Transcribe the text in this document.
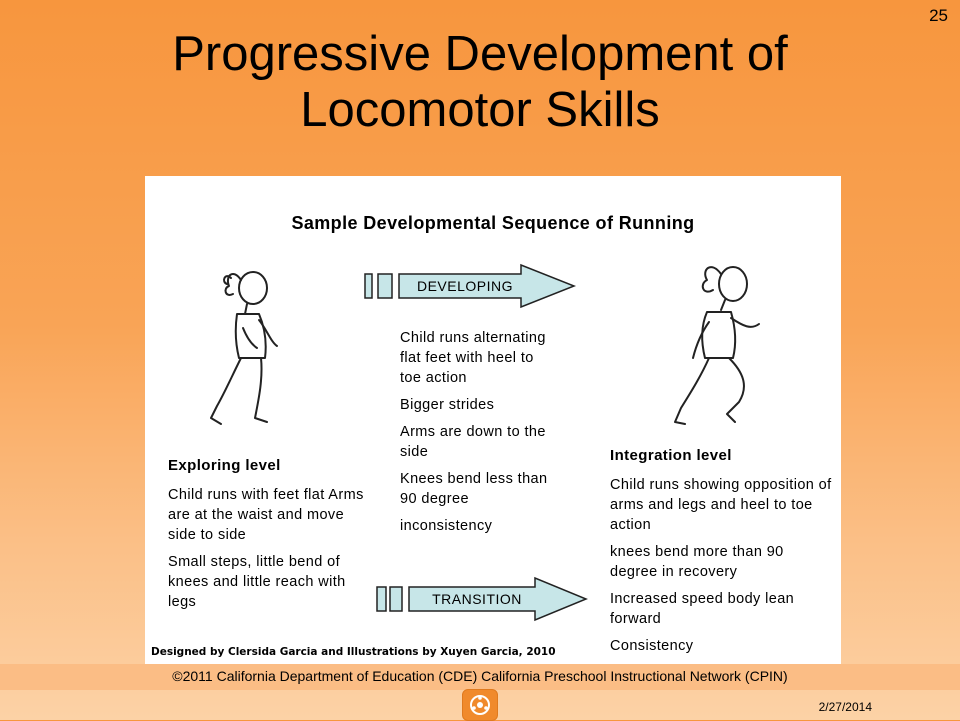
25
Progressive Development of
Locomotor Skills
Sample Developmental Sequence of Running
DEVELOPING

Exploring level

Child runs with feet flat Arms are at the waist and move side to side

Small steps, little bend of knees and little reach with legs

Child runs alternating flat feet with heel to toe action

Bigger strides

Arms are down to the side

Knees bend less than 90 degree

inconsistency

Integration level

Child runs showing opposition of arms and legs and heel to toe action

knees bend more than 90 degree in recovery

Increased speed body lean forward

Consistency

TRANSITION
Designed by Clersida Garcia and Illustrations by Xuyen Garcia, 2010
©2011 California Department of Education (CDE) California Preschool Instructional Network (CPIN)
2/27/2014
